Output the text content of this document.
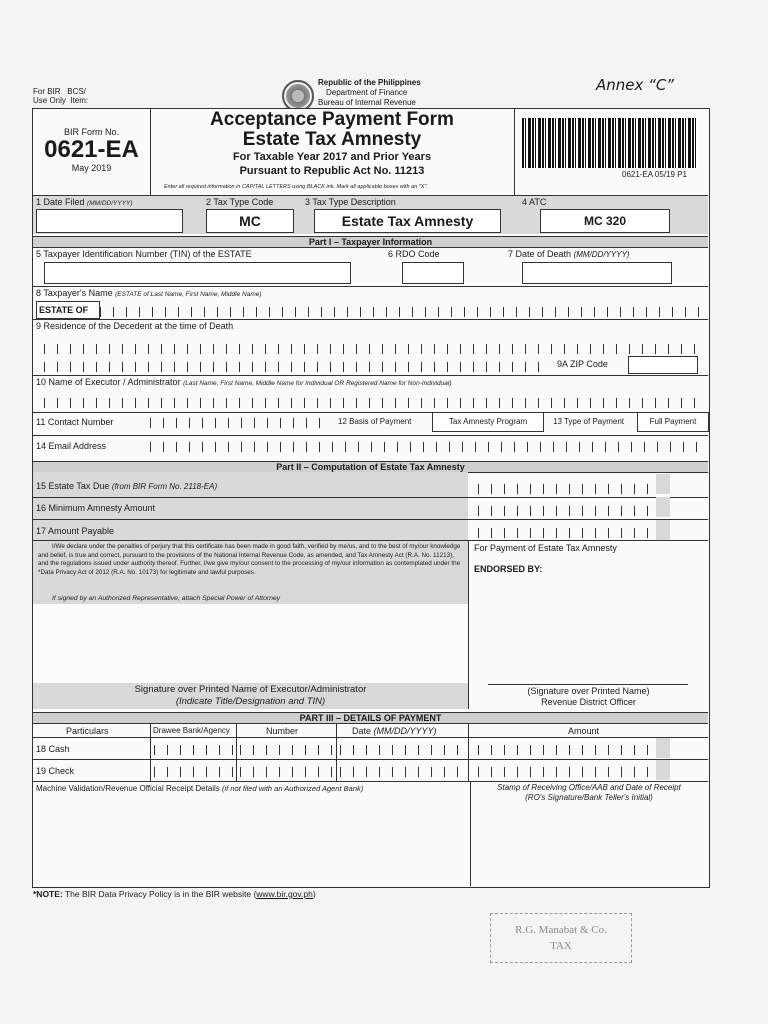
For BIR BCS/
Use Only Item:
Republic of the Philippines
Department of Finance
Bureau of Internal Revenue
Annex “C”
BIR Form No.
0621-EA
May 2019
Acceptance Payment Form
Estate Tax Amnesty
For Taxable Year 2017 and Prior Years
Pursuant to Republic Act No. 11213
Enter all required information in CAPITAL LETTERS using BLACK ink. Mark all applicable boxes with an "X".
0621-EA 05/19 P1
1 Date Filed (MM/DD/YYYY)	2 Tax Type Code
MC
3 Tax Type Description
Estate Tax Amnesty
4 ATC
MC 320
Part I – Taxpayer Information
5 Taxpayer Identification Number (TIN) of the ESTATE	6 RDO Code	7 Date of Death (MM/DD/YYYY)
8 Taxpayer's Name (ESTATE of Last Name, First Name, Middle Name)
ESTATE OF
9 Residence of the Decedent at the time of Death
9A ZIP Code
10 Name of Executor / Administrator (Last Name, First Name, Middle Name for Individual OR Registered Name for Non-Individual)
11 Contact Number	12 Basis of Payment	Tax Amnesty Program	13 Type of Payment	Full Payment
14 Email Address
Part II – Computation of Estate Tax Amnesty
15 Estate Tax Due (from BIR Form No. 2118-EA)
16 Minimum Amnesty Amount
17 Amount Payable
I/We declare under the penalties of perjury that this certificate has been made in good faith, verified by me/us, and to the best of my/our knowledge and belief, is true and correct, pursuant to the provisions of the National Internal Revenue Code, as amended, and Tax Amnesty Act (R.A. No. 11213), and the regulations issued under authority thereof. Further, I/we give my/our consent to the processing of my/our information as contemplated under the *Data Privacy Act of 2012 (R.A. No. 10173) for legitimate and lawful purposes.
If signed by an Authorized Representative, attach Special Power of Attorney
For Payment of Estate Tax Amnesty
ENDORSED BY:
Signature over Printed Name of Executor/Administrator
(Indicate Title/Designation and TIN)
(Signature over Printed Name)
Revenue District Officer
PART III – DETAILS OF PAYMENT
Particulars	Drawee Bank/Agency	Number	Date (MM/DD/YYYY)	Amount
18 Cash
19 Check
Machine Validation/Revenue Official Receipt Details (if not filed with an Authorized Agent Bank)	Stamp of Receiving Office/AAB and Date of Receipt
(RO's Signature/Bank Teller's Initial)
*NOTE: The BIR Data Privacy Policy is in the BIR website (www.bir.gov.ph)
R.G. Manabat & Co.
TAX
